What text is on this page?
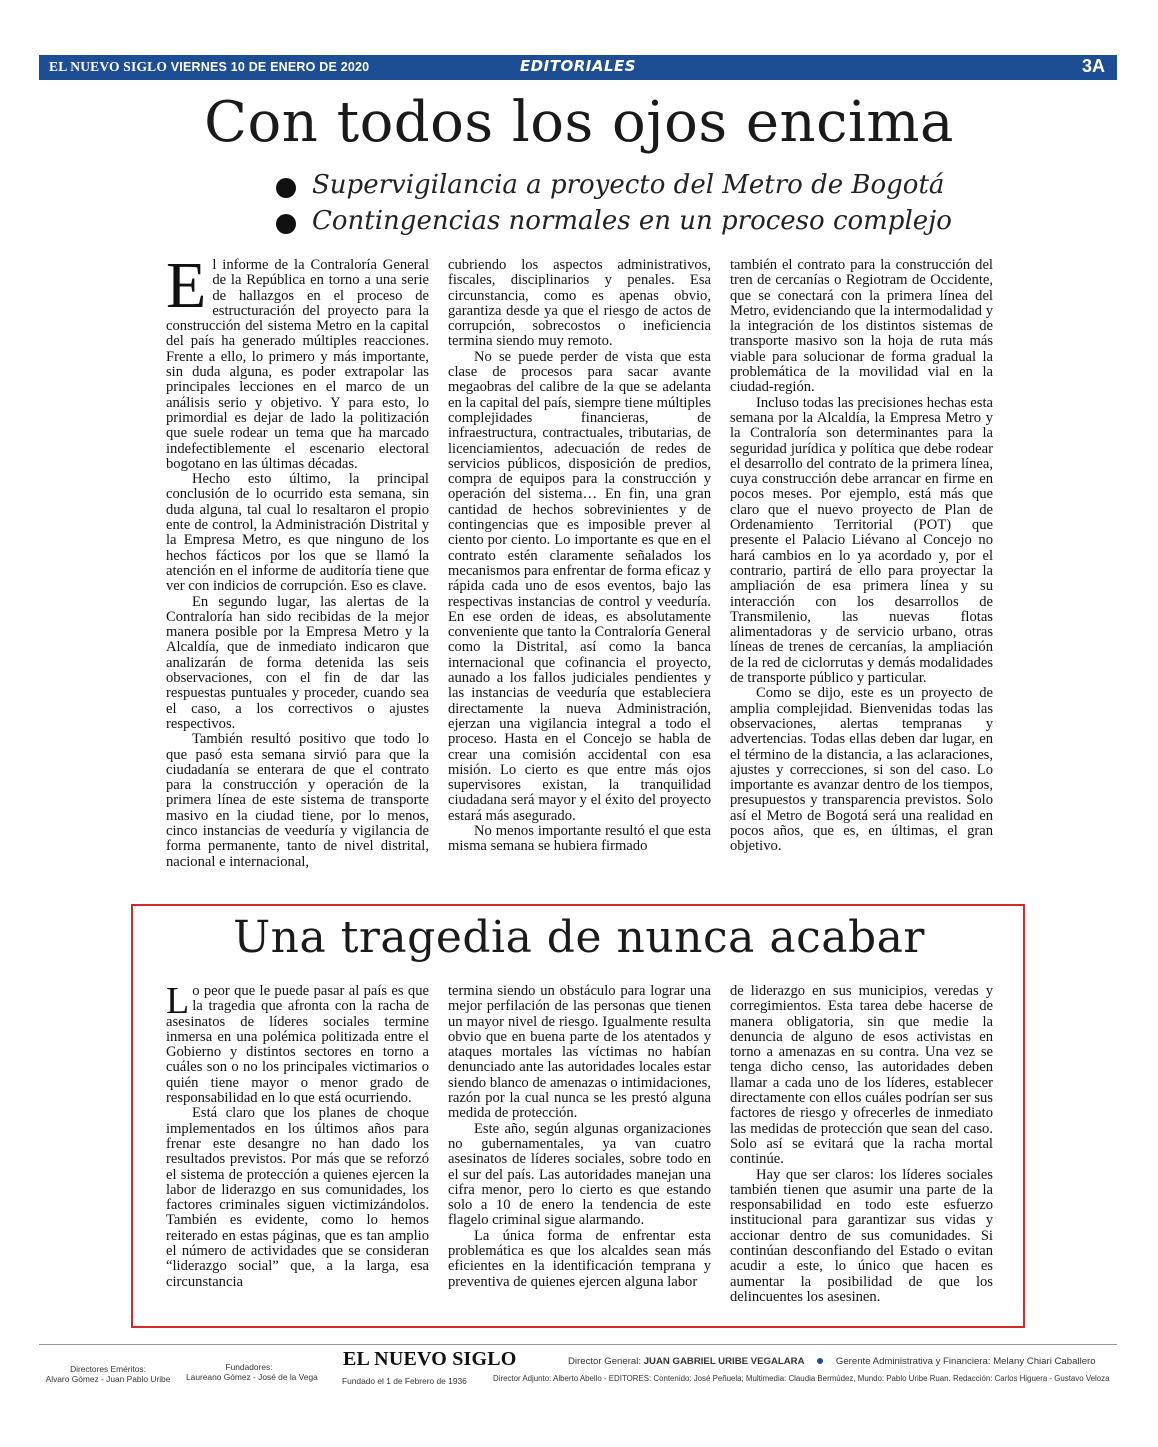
EL NUEVO SIGLO VIERNES 10 DE ENERO DE 2020	EDITORIALES	3A
Con todos los ojos encima
Supervigilancia a proyecto del Metro de Bogotá
Contingencias normales en un proceso complejo

El informe de la Contraloría General de la República en torno a una serie de hallazgos en el proceso de estructuración del proyecto para la construcción del sistema Metro en la capital del país ha generado múltiples reacciones. Frente a ello, lo primero y más importante, sin duda alguna, es poder extrapolar las principales lecciones en el marco de un análisis serio y objetivo. Y para esto, lo primordial es dejar de lado la politización que suele rodear un tema que ha marcado indefectiblemente el escenario electoral bogotano en las últimas décadas.

Hecho esto último, la principal conclusión de lo ocurrido esta semana, sin duda alguna, tal cual lo resaltaron el propio ente de control, la Administración Distrital y la Empresa Metro, es que ninguno de los hechos fácticos por los que se llamó la atención en el informe de auditoría tiene que ver con indicios de corrupción. Eso es clave.

En segundo lugar, las alertas de la Contraloría han sido recibidas de la mejor manera posible por la Empresa Metro y la Alcaldía, que de inmediato indicaron que analizarán de forma detenida las seis observaciones, con el fin de dar las respuestas puntuales y proceder, cuando sea el caso, a los correctivos o ajustes respectivos.

También resultó positivo que todo lo que pasó esta semana sirvió para que la ciudadanía se enterara de que el contrato para la construcción y operación de la primera línea de este sistema de transporte masivo en la ciudad tiene, por lo menos, cinco instancias de veeduría y vigilancia de forma permanente, tanto de nivel distrital, nacional e internacional,

cubriendo los aspectos administrativos, fiscales, disciplinarios y penales. Esa circunstancia, como es apenas obvio, garantiza desde ya que el riesgo de actos de corrupción, sobrecostos o ineficiencia termina siendo muy remoto.

No se puede perder de vista que esta clase de procesos para sacar avante megaobras del calibre de la que se adelanta en la capital del país, siempre tiene múltiples complejidades financieras, de infraestructura, contractuales, tributarias, de licenciamientos, adecuación de redes de servicios públicos, disposición de predios, compra de equipos para la construcción y operación del sistema… En fin, una gran cantidad de hechos sobrevinientes y de contingencias que es imposible prever al ciento por ciento. Lo importante es que en el contrato estén claramente señalados los mecanismos para enfrentar de forma eficaz y rápida cada uno de esos eventos, bajo las respectivas instancias de control y veeduría. En ese orden de ideas, es absolutamente conveniente que tanto la Contraloría General como la Distrital, así como la banca internacional que cofinancia el proyecto, aunado a los fallos judiciales pendientes y las instancias de veeduría que estableciera directamente la nueva Administración, ejerzan una vigilancia integral a todo el proceso. Hasta en el Concejo se habla de crear una comisión accidental con esa misión. Lo cierto es que entre más ojos supervisores existan, la tranquilidad ciudadana será mayor y el éxito del proyecto estará más asegurado.

No menos importante resultó el que esta misma semana se hubiera firmado

también el contrato para la construcción del tren de cercanías o Regiotram de Occidente, que se conectará con la primera línea del Metro, evidenciando que la intermodalidad y la integración de los distintos sistemas de transporte masivo son la hoja de ruta más viable para solucionar de forma gradual la problemática de la movilidad vial en la ciudad-región.

Incluso todas las precisiones hechas esta semana por la Alcaldía, la Empresa Metro y la Contraloría son determinantes para la seguridad jurídica y política que debe rodear el desarrollo del contrato de la primera línea, cuya construcción debe arrancar en firme en pocos meses. Por ejemplo, está más que claro que el nuevo proyecto de Plan de Ordenamiento Territorial (POT) que presente el Palacio Liévano al Concejo no hará cambios en lo ya acordado y, por el contrario, partirá de ello para proyectar la ampliación de esa primera línea y su interacción con los desarrollos de Transmilenio, las nuevas flotas alimentadoras y de servicio urbano, otras líneas de trenes de cercanías, la ampliación de la red de ciclorrutas y demás modalidades de transporte público y particular.

Como se dijo, este es un proyecto de amplia complejidad. Bienvenidas todas las observaciones, alertas tempranas y advertencias. Todas ellas deben dar lugar, en el término de la distancia, a las aclaraciones, ajustes y correcciones, si son del caso. Lo importante es avanzar dentro de los tiempos, presupuestos y transparencia previstos. Solo así el Metro de Bogotá será una realidad en pocos años, que es, en últimas, el gran objetivo.

Una tragedia de nunca acabar

Lo peor que le puede pasar al país es que la tragedia que afronta con la racha de asesinatos de líderes sociales termine inmersa en una polémica politizada entre el Gobierno y distintos sectores en torno a cuáles son o no los principales victimarios o quién tiene mayor o menor grado de responsabilidad en lo que está ocurriendo.

Está claro que los planes de choque implementados en los últimos años para frenar este desangre no han dado los resultados previstos. Por más que se reforzó el sistema de protección a quienes ejercen la labor de liderazgo en sus comunidades, los factores criminales siguen victimizándolos. También es evidente, como lo hemos reiterado en estas páginas, que es tan amplio el número de actividades que se consideran “liderazgo social” que, a la larga, esa circunstancia

termina siendo un obstáculo para lograr una mejor perfilación de las personas que tienen un mayor nivel de riesgo. Igualmente resulta obvio que en buena parte de los atentados y ataques mortales las víctimas no habían denunciado ante las autoridades locales estar siendo blanco de amenazas o intimidaciones, razón por la cual nunca se les prestó alguna medida de protección.

Este año, según algunas organizaciones no gubernamentales, ya van cuatro asesinatos de líderes sociales, sobre todo en el sur del país. Las autoridades manejan una cifra menor, pero lo cierto es que estando solo a 10 de enero la tendencia de este flagelo criminal sigue alarmando.

La única forma de enfrentar esta problemática es que los alcaldes sean más eficientes en la identificación temprana y preventiva de quienes ejercen alguna labor

de liderazgo en sus municipios, veredas y corregimientos. Esta tarea debe hacerse de manera obligatoria, sin que medie la denuncia de alguno de esos activistas en torno a amenazas en su contra. Una vez se tenga dicho censo, las autoridades deben llamar a cada uno de los líderes, establecer directamente con ellos cuáles podrían ser sus factores de riesgo y ofrecerles de inmediato las medidas de protección que sean del caso. Solo así se evitará que la racha mortal continúe.

Hay que ser claros: los líderes sociales también tienen que asumir una parte de la responsabilidad en todo este esfuerzo institucional para garantizar sus vidas y accionar dentro de sus comunidades. Si continúan desconfiando del Estado o evitan acudir a este, lo único que hacen es aumentar la posibilidad de que los delincuentes los asesinen.

Directores Eméritos:
Alvaro Gómez - Juan Pablo Uribe
Fundadores:
Laureano Gómez - José de la Vega
EL NUEVO SIGLO
Fundado el 1 de Febrero de 1936
Director General: JUAN GABRIEL URIBE VEGALARA	Gerente Administrativa y Financiera: Melany Chiari Caballero
Director Adjunto: Alberto Abello - EDITORES: Contenido: José Peñuela; Multimedia: Claudia Bermúdez, Mundo: Pablo Uribe Ruan. Redacción: Carlos Higuera - Gustavo Veloza
